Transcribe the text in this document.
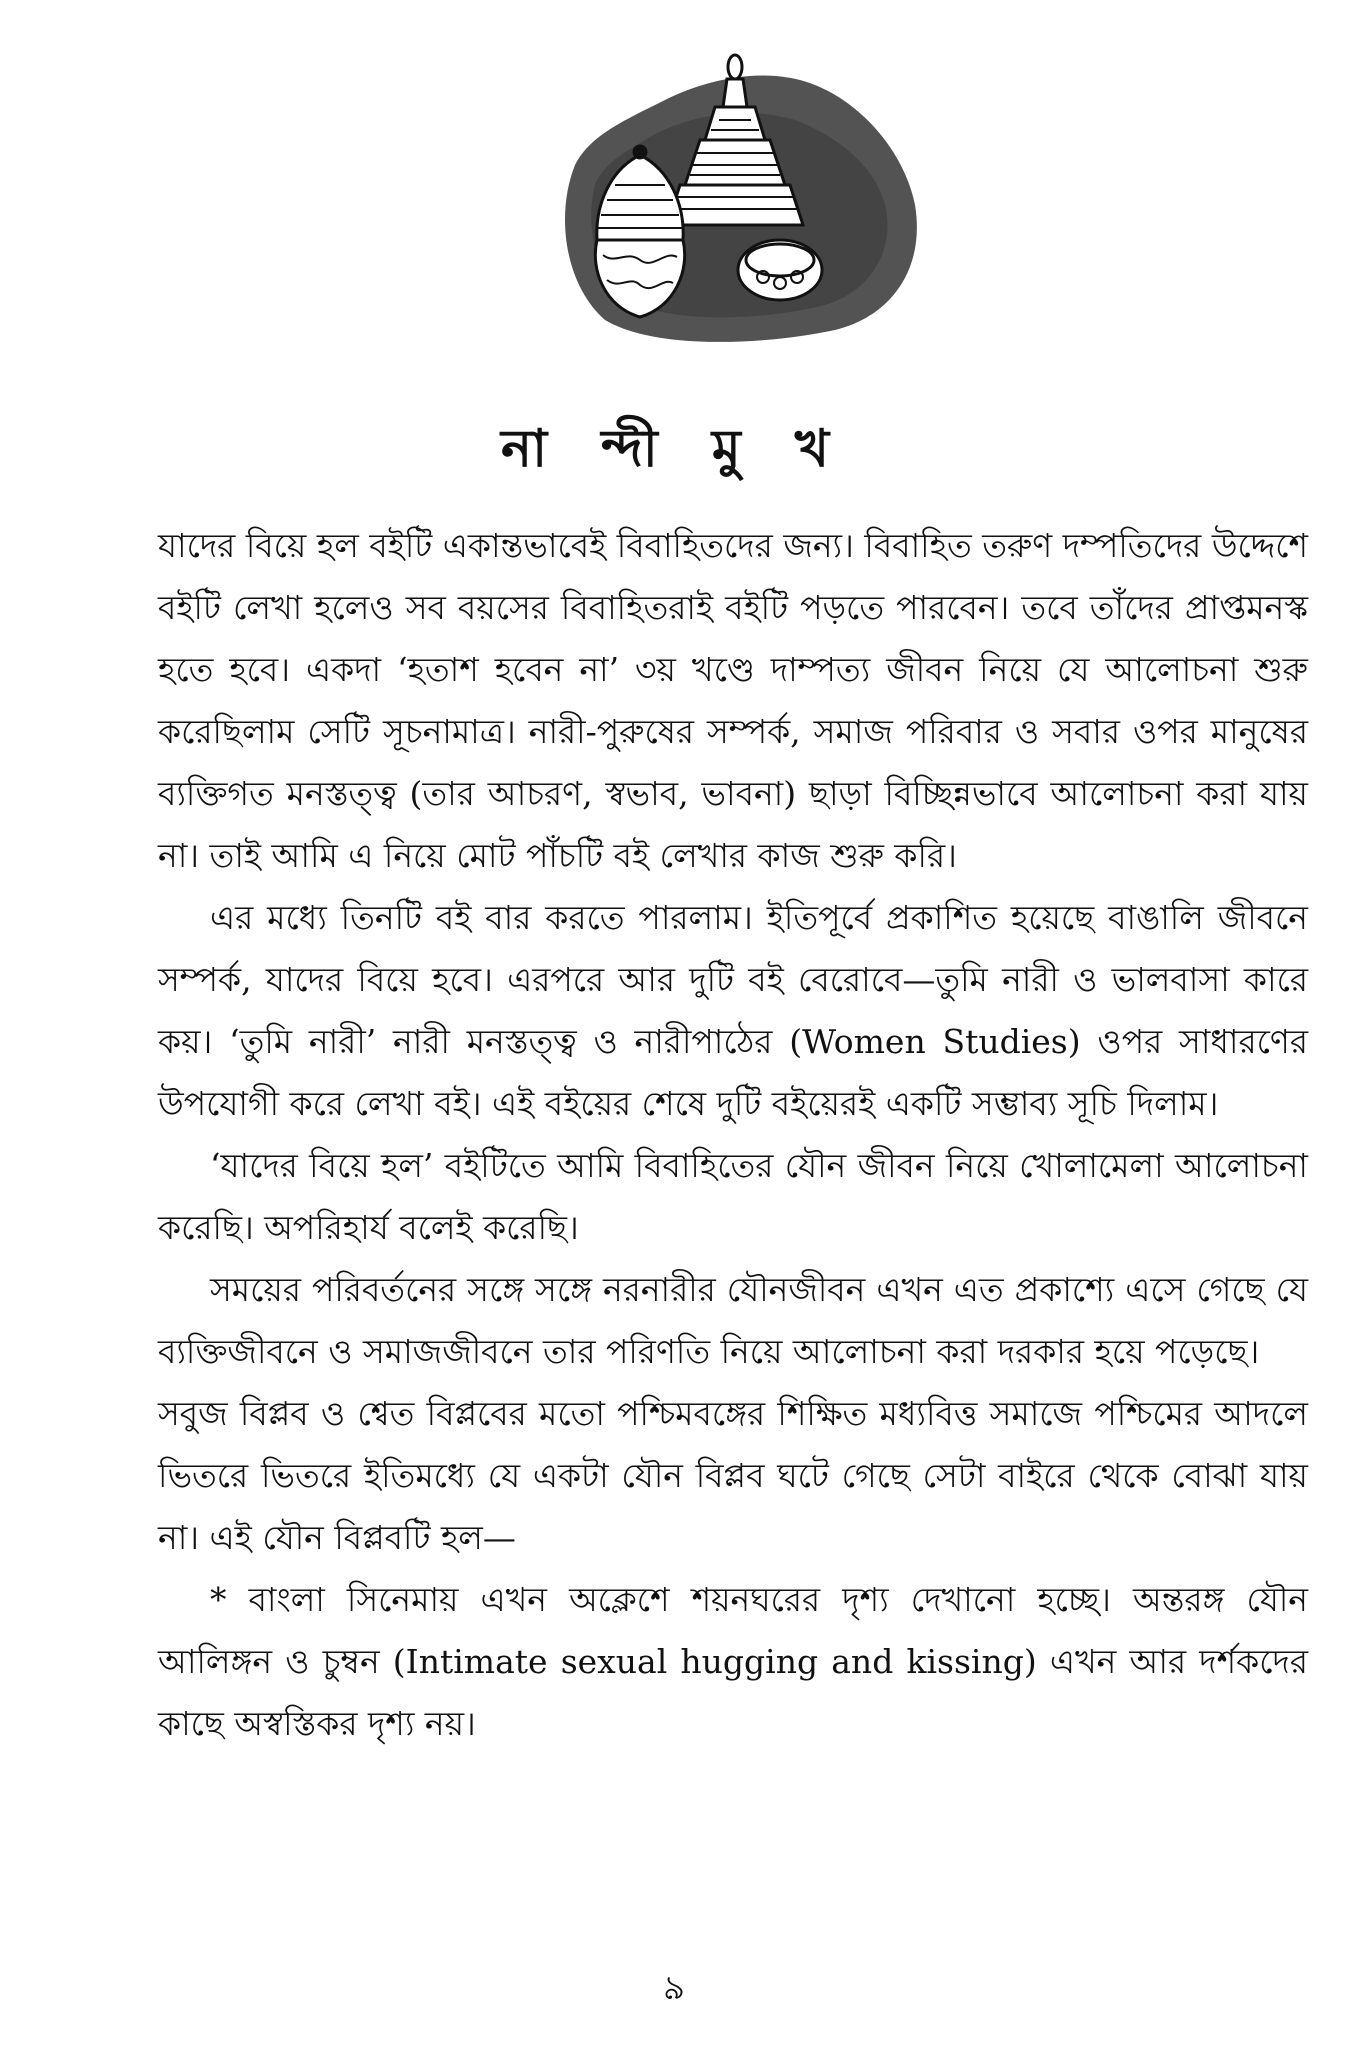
না ন্দী মু খ

যাদের বিয়ে হল বইটি একান্তভাবেই বিবাহিতদের জন্য। বিবাহিত তরুণ দম্পতিদের উদ্দেশে বইটি লেখা হলেও সব বয়সের বিবাহিতরাই বইটি পড়তে পারবেন। তবে তাঁদের প্রাপ্তমনস্ক হতে হবে। একদা ‘হতাশ হবেন না’ ৩য় খণ্ডে দাম্পত্য জীবন নিয়ে যে আলোচনা শুরু করেছিলাম সেটি সূচনামাত্র। নারী-পুরুষের সম্পর্ক, সমাজ পরিবার ও সবার ওপর মানুষের ব্যক্তিগত মনস্তত্ত্ব (তার আচরণ, স্বভাব, ভাবনা) ছাড়া বিচ্ছিন্নভাবে আলোচনা করা যায় না। তাই আমি এ নিয়ে মোট পাঁচটি বই লেখার কাজ শুরু করি।

এর মধ্যে তিনটি বই বার করতে পারলাম। ইতিপূর্বে প্রকাশিত হয়েছে বাঙালি জীবনে সম্পর্ক, যাদের বিয়ে হবে। এরপরে আর দুটি বই বেরোবে—তুমি নারী ও ভালবাসা কারে কয়। ‘তুমি নারী’ নারী মনস্তত্ত্ব ও নারীপাঠের (Women Studies) ওপর সাধারণের উপযোগী করে লেখা বই। এই বইয়ের শেষে দুটি বইয়েরই একটি সম্ভাব্য সূচি দিলাম।

‘যাদের বিয়ে হল’ বইটিতে আমি বিবাহিতের যৌন জীবন নিয়ে খোলামেলা আলোচনা করেছি। অপরিহার্য বলেই করেছি।

সময়ের পরিবর্তনের সঙ্গে সঙ্গে নরনারীর যৌনজীবন এখন এত প্রকাশ্যে এসে গেছে যে ব্যক্তিজীবনে ও সমাজজীবনে তার পরিণতি নিয়ে আলোচনা করা দরকার হয়ে পড়েছে।

সবুজ বিপ্লব ও শ্বেত বিপ্লবের মতো পশ্চিমবঙ্গের শিক্ষিত মধ্যবিত্ত সমাজে পশ্চিমের আদলে ভিতরে ভিতরে ইতিমধ্যে যে একটা যৌন বিপ্লব ঘটে গেছে সেটা বাইরে থেকে বোঝা যায় না। এই যৌন বিপ্লবটি হল—

* বাংলা সিনেমায় এখন অক্লেশে শয়নঘরের দৃশ্য দেখানো হচ্ছে। অন্তরঙ্গ যৌন আলিঙ্গন ও চুম্বন (Intimate sexual hugging and kissing) এখন আর দর্শকদের কাছে অস্বস্তিকর দৃশ্য নয়।

৯
